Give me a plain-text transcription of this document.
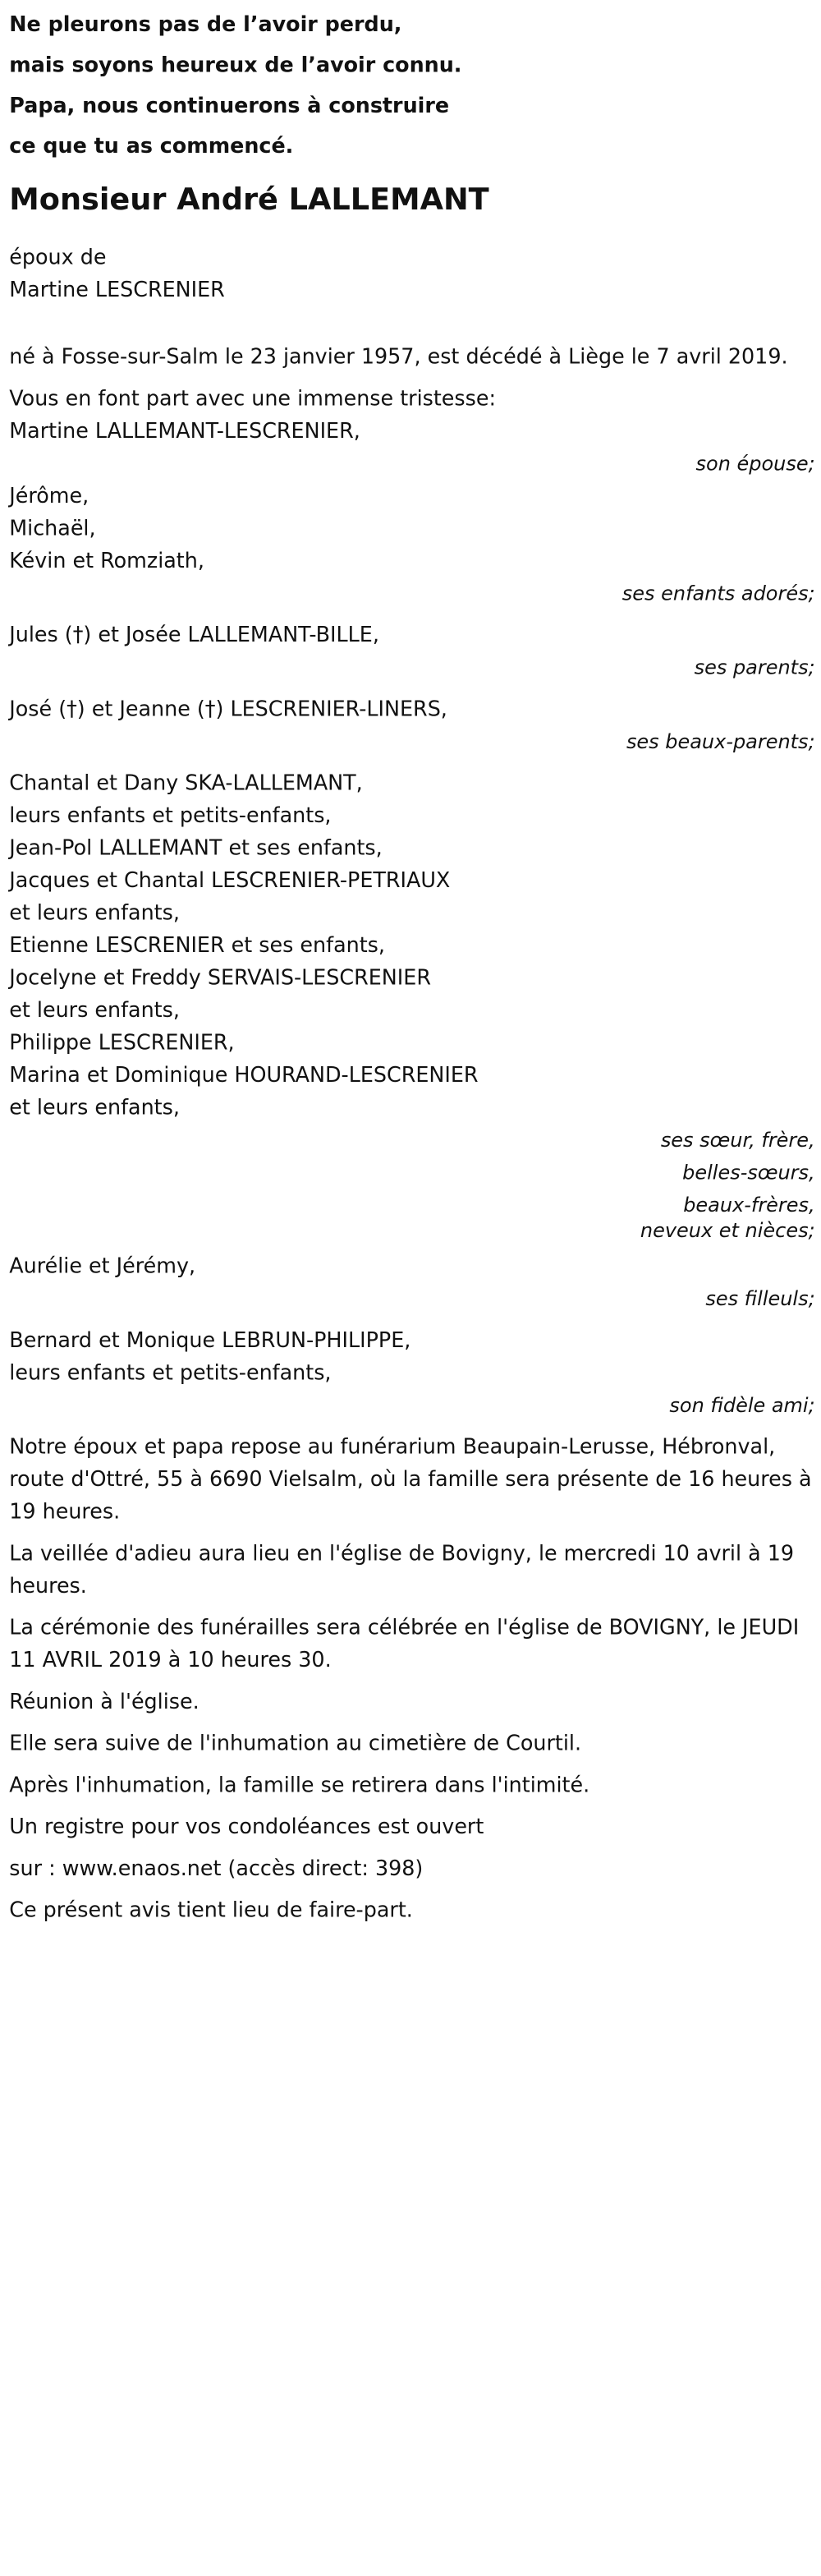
Ne pleurons pas de l’avoir perdu,
mais soyons heureux de l’avoir connu.
Papa, nous continuerons à construire
ce que tu as commencé.
Monsieur André LALLEMANT
époux de
Martine LESCRENIER
né à Fosse-sur-Salm le 23 janvier 1957, est décédé à Liège le 7 avril 2019.
Vous en font part avec une immense tristesse:
Martine LALLEMANT-LESCRENIER,
son épouse;
Jérôme,
Michaël,
Kévin et Romziath,
ses enfants adorés;
Jules (†) et Josée LALLEMANT-BILLE,
ses parents;
José (†) et Jeanne (†) LESCRENIER-LINERS,
ses beaux-parents;
Chantal et Dany SKA-LALLEMANT,
leurs enfants et petits-enfants,
Jean-Pol LALLEMANT et ses enfants,
Jacques et Chantal LESCRENIER-PETRIAUX
et leurs enfants,
Etienne LESCRENIER et ses enfants,
Jocelyne et Freddy SERVAIS-LESCRENIER
et leurs enfants,
Philippe LESCRENIER,
Marina et Dominique HOURAND-LESCRENIER
et leurs enfants,
ses sœur, frère,
belles-sœurs,
beaux-frères,
neveux et nièces;
Aurélie et Jérémy,
ses filleuls;
Bernard et Monique LEBRUN-PHILIPPE,
leurs enfants et petits-enfants,
son fidèle ami;
Notre époux et papa repose au funérarium Beaupain-Lerusse, Hébronval, route d'Ottré, 55 à 6690 Vielsalm, où la famille sera présente de 16 heures à 19 heures.
La veillée d'adieu aura lieu en l'église de Bovigny, le mercredi 10 avril à 19 heures.
La cérémonie des funérailles sera célébrée en l'église de BOVIGNY, le JEUDI 11 AVRIL 2019 à 10 heures 30.
Réunion à l'église.
Elle sera suive de l'inhumation au cimetière de Courtil.
Après l'inhumation, la famille se retirera dans l'intimité.
Un registre pour vos condoléances est ouvert
sur : www.enaos.net (accès direct: 398)
Ce présent avis tient lieu de faire-part.
